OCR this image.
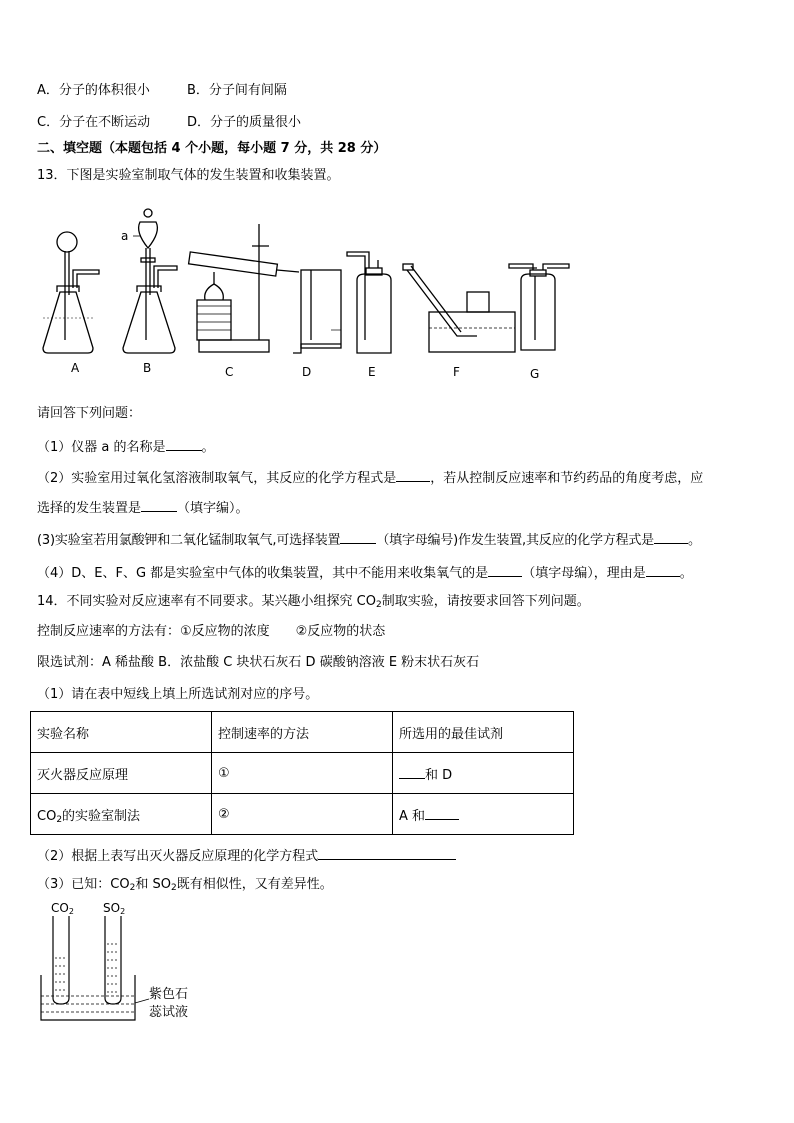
A．分子的体积很小	B．分子间有间隔
C．分子在不断运动	D．分子的质量很小
二、填空题（本题包括 4 个小题，每小题 7 分，共 28 分）
13．下图是实验室制取气体的发生装置和收集装置。
A	B	C	D	E	F	G
a
请回答下列问题：
（1）仪器 a 的名称是	。
（2）实验室用过氧化氢溶液制取氧气，其反应的化学方程式是	，若从控制反应速率和节约药品的角度考虑，应
选择的发生装置是	（填字编）。
(3)实验室若用氯酸钾和二氧化锰制取氧气,可选择装置	（填字母编号)作发生装置,其反应的化学方程式是	。
（4）D、E、F、G 都是实验室中气体的收集装置，其中不能用来收集氧气的是	（填字母编），理由是	。
14．不同实验对反应速率有不同要求。某兴趣小组探究 $CO_2$制取实验，请按要求回答下列问题。
控制反应速率的方法有：①反应物的浓度　　②反应物的状态
限选试剂：A 稀盐酸 B．浓盐酸 C 块状石灰石 D 碳酸钠溶液 E 粉末状石灰石
（1）请在表中短线上填上所选试剂对应的序号。
实验名称	控制速率的方法	所选用的最佳试剂
灭火器反应原理	①	和 D
$CO_2$的实验室制法	②	A 和
（2）根据上表写出灭火器反应原理的化学方程式
（3）已知：$CO_2$和 $SO_2$既有相似性，又有差异性。
CO2 SO2
紫色石
蕊试液
